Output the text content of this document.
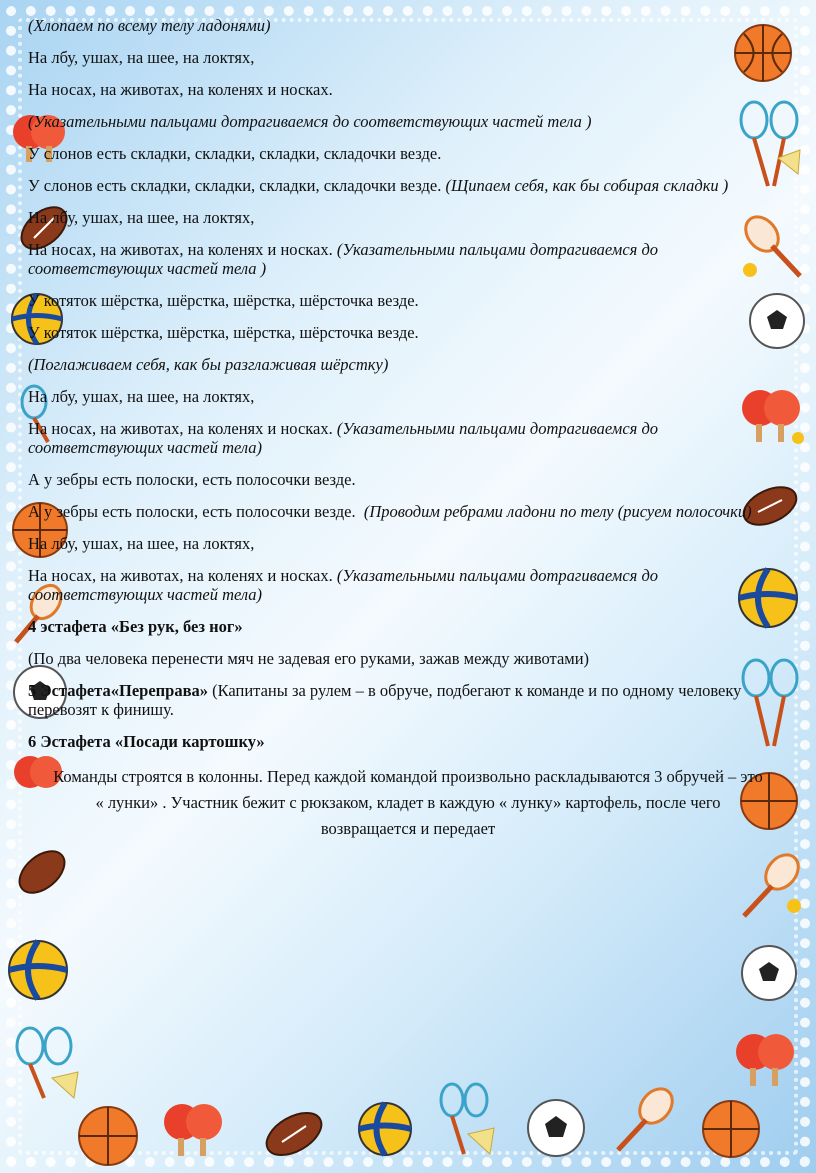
(Хлопаем по всему телу ладонями)

На лбу, ушах, на шее, на локтях,

На носах, на животах, на коленях и носках.

(Указательными пальцами дотрагиваемся до соответствующих частей тела )

У слонов есть складки, складки, складки, складочки везде.

У слонов есть складки, складки, складки, складочки везде. (Щипаем себя, как бы собирая складки )

На лбу, ушах, на шее, на локтях,

На носах, на животах, на коленях и носках. (Указательными пальцами дотрагиваемся до соответствующих частей тела )

У котяток шёрстка, шёрстка, шёрстка, шёрсточка везде.

У котяток шёрстка, шёрстка, шёрстка, шёрсточка везде.

(Поглаживаем себя, как бы разглаживая шёрстку)

На лбу, ушах, на шее, на локтях,

На носах, на животах, на коленях и носках. (Указательными пальцами дотрагиваемся до соответствующих частей тела)

А у зебры есть полоски, есть полосочки везде.

А у зебры есть полоски, есть полосочки везде. (Проводим ребрами ладони по телу (рисуем полосочки)

На лбу, ушах, на шее, на локтях,

На носах, на животах, на коленях и носках. (Указательными пальцами дотрагиваемся до соответствующих частей тела)

4 эстафета «Без рук, без ног»

(По два человека перенести мяч не задевая его руками, зажав между животами)

5 Эстафета«Переправа» (Капитаны за рулем – в обруче, подбегают к команде и по одному человеку перевозят к финишу.

6 Эстафета «Посади картошку»

Команды строятся в колонны. Перед каждой командой произвольно раскладываются 3 обручей – это « лунки» . Участник бежит с рюкзаком, кладет в каждую « лунку» картофель, после чего возвращается и передает
